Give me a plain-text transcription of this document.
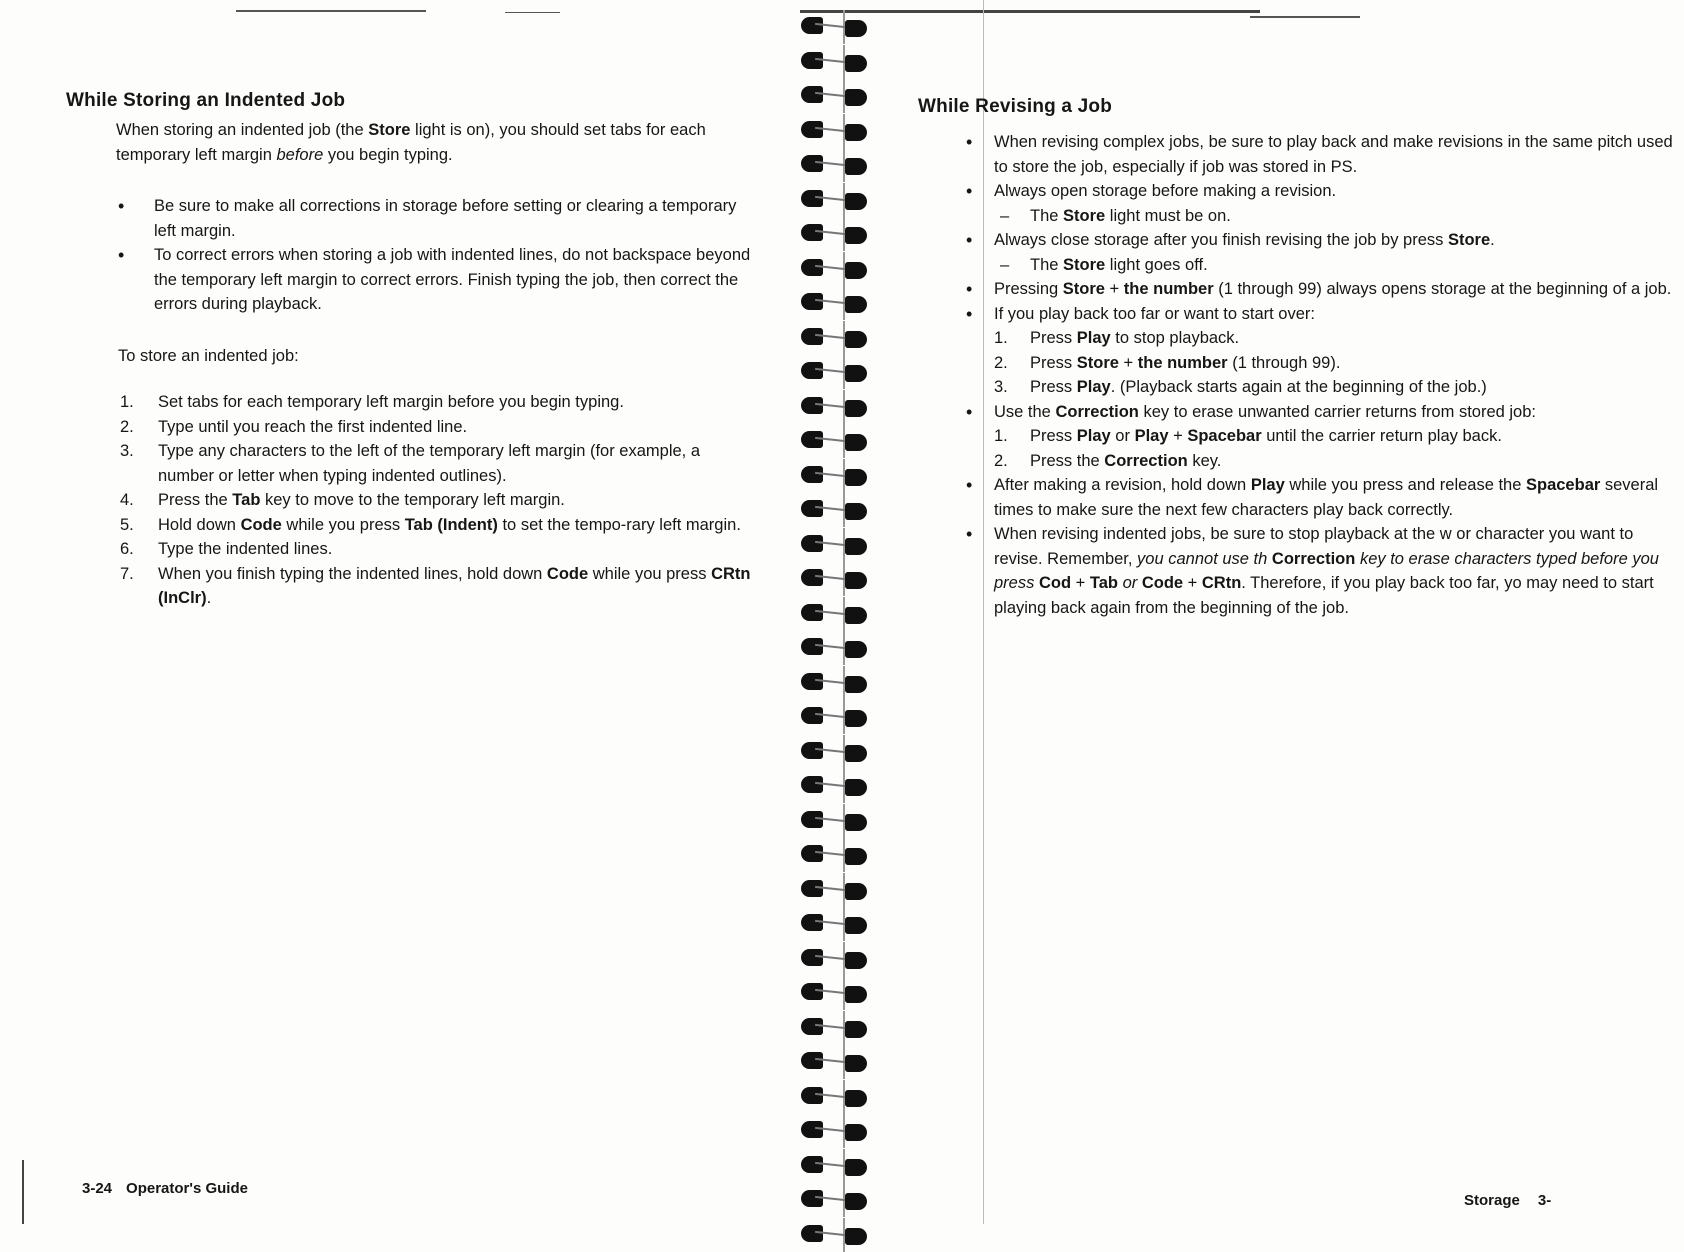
While Storing an Indented Job

When storing an indented job (the Store light is on), you should set tabs for each temporary left margin before you begin typing.

• Be sure to make all corrections in storage before setting or clearing a temporary left margin.
• To correct errors when storing a job with indented lines, do not backspace beyond the temporary left margin to correct errors. Finish typing the job, then correct the errors during playback.

To store an indented job:

1. Set tabs for each temporary left margin before you begin typing.
2. Type until you reach the first indented line.
3. Type any characters to the left of the temporary left margin (for example, a number or letter when typing indented outlines).
4. Press the Tab key to move to the temporary left margin.
5. Hold down Code while you press Tab (Indent) to set the tempo-rary left margin.
6. Type the indented lines.
7. When you finish typing the indented lines, hold down Code while you press CRtn (InClr).
3-24 Operator's Guide
While Revising a Job
• When revising complex jobs, be sure to play back and make revisions in the same pitch used to store the job, especially if job was stored in PS.
• Always open storage before making a revision.
– The Store light must be on.
• Always close storage after you finish revising the job by press Store.
– The Store light goes off.
• Pressing Store + the number (1 through 99) always opens storage at the beginning of a job.
• If you play back too far or want to start over:
1. Press Play to stop playback.
2. Press Store + the number (1 through 99).
3. Press Play. (Playback starts again at the beginning of the job.)
• Use the Correction key to erase unwanted carrier returns from stored job:
1. Press Play or Play + Spacebar until the carrier return play back.
2. Press the Correction key.
• After making a revision, hold down Play while you press and release the Spacebar several times to make sure the next few characters play back correctly.
• When revising indented jobs, be sure to stop playback at the w or character you want to revise. Remember, you cannot use th Correction key to erase characters typed before you press Cod + Tab or Code + CRtn. Therefore, if you play back too far, yo may need to start playing back again from the beginning of the job.
Storage 3-
